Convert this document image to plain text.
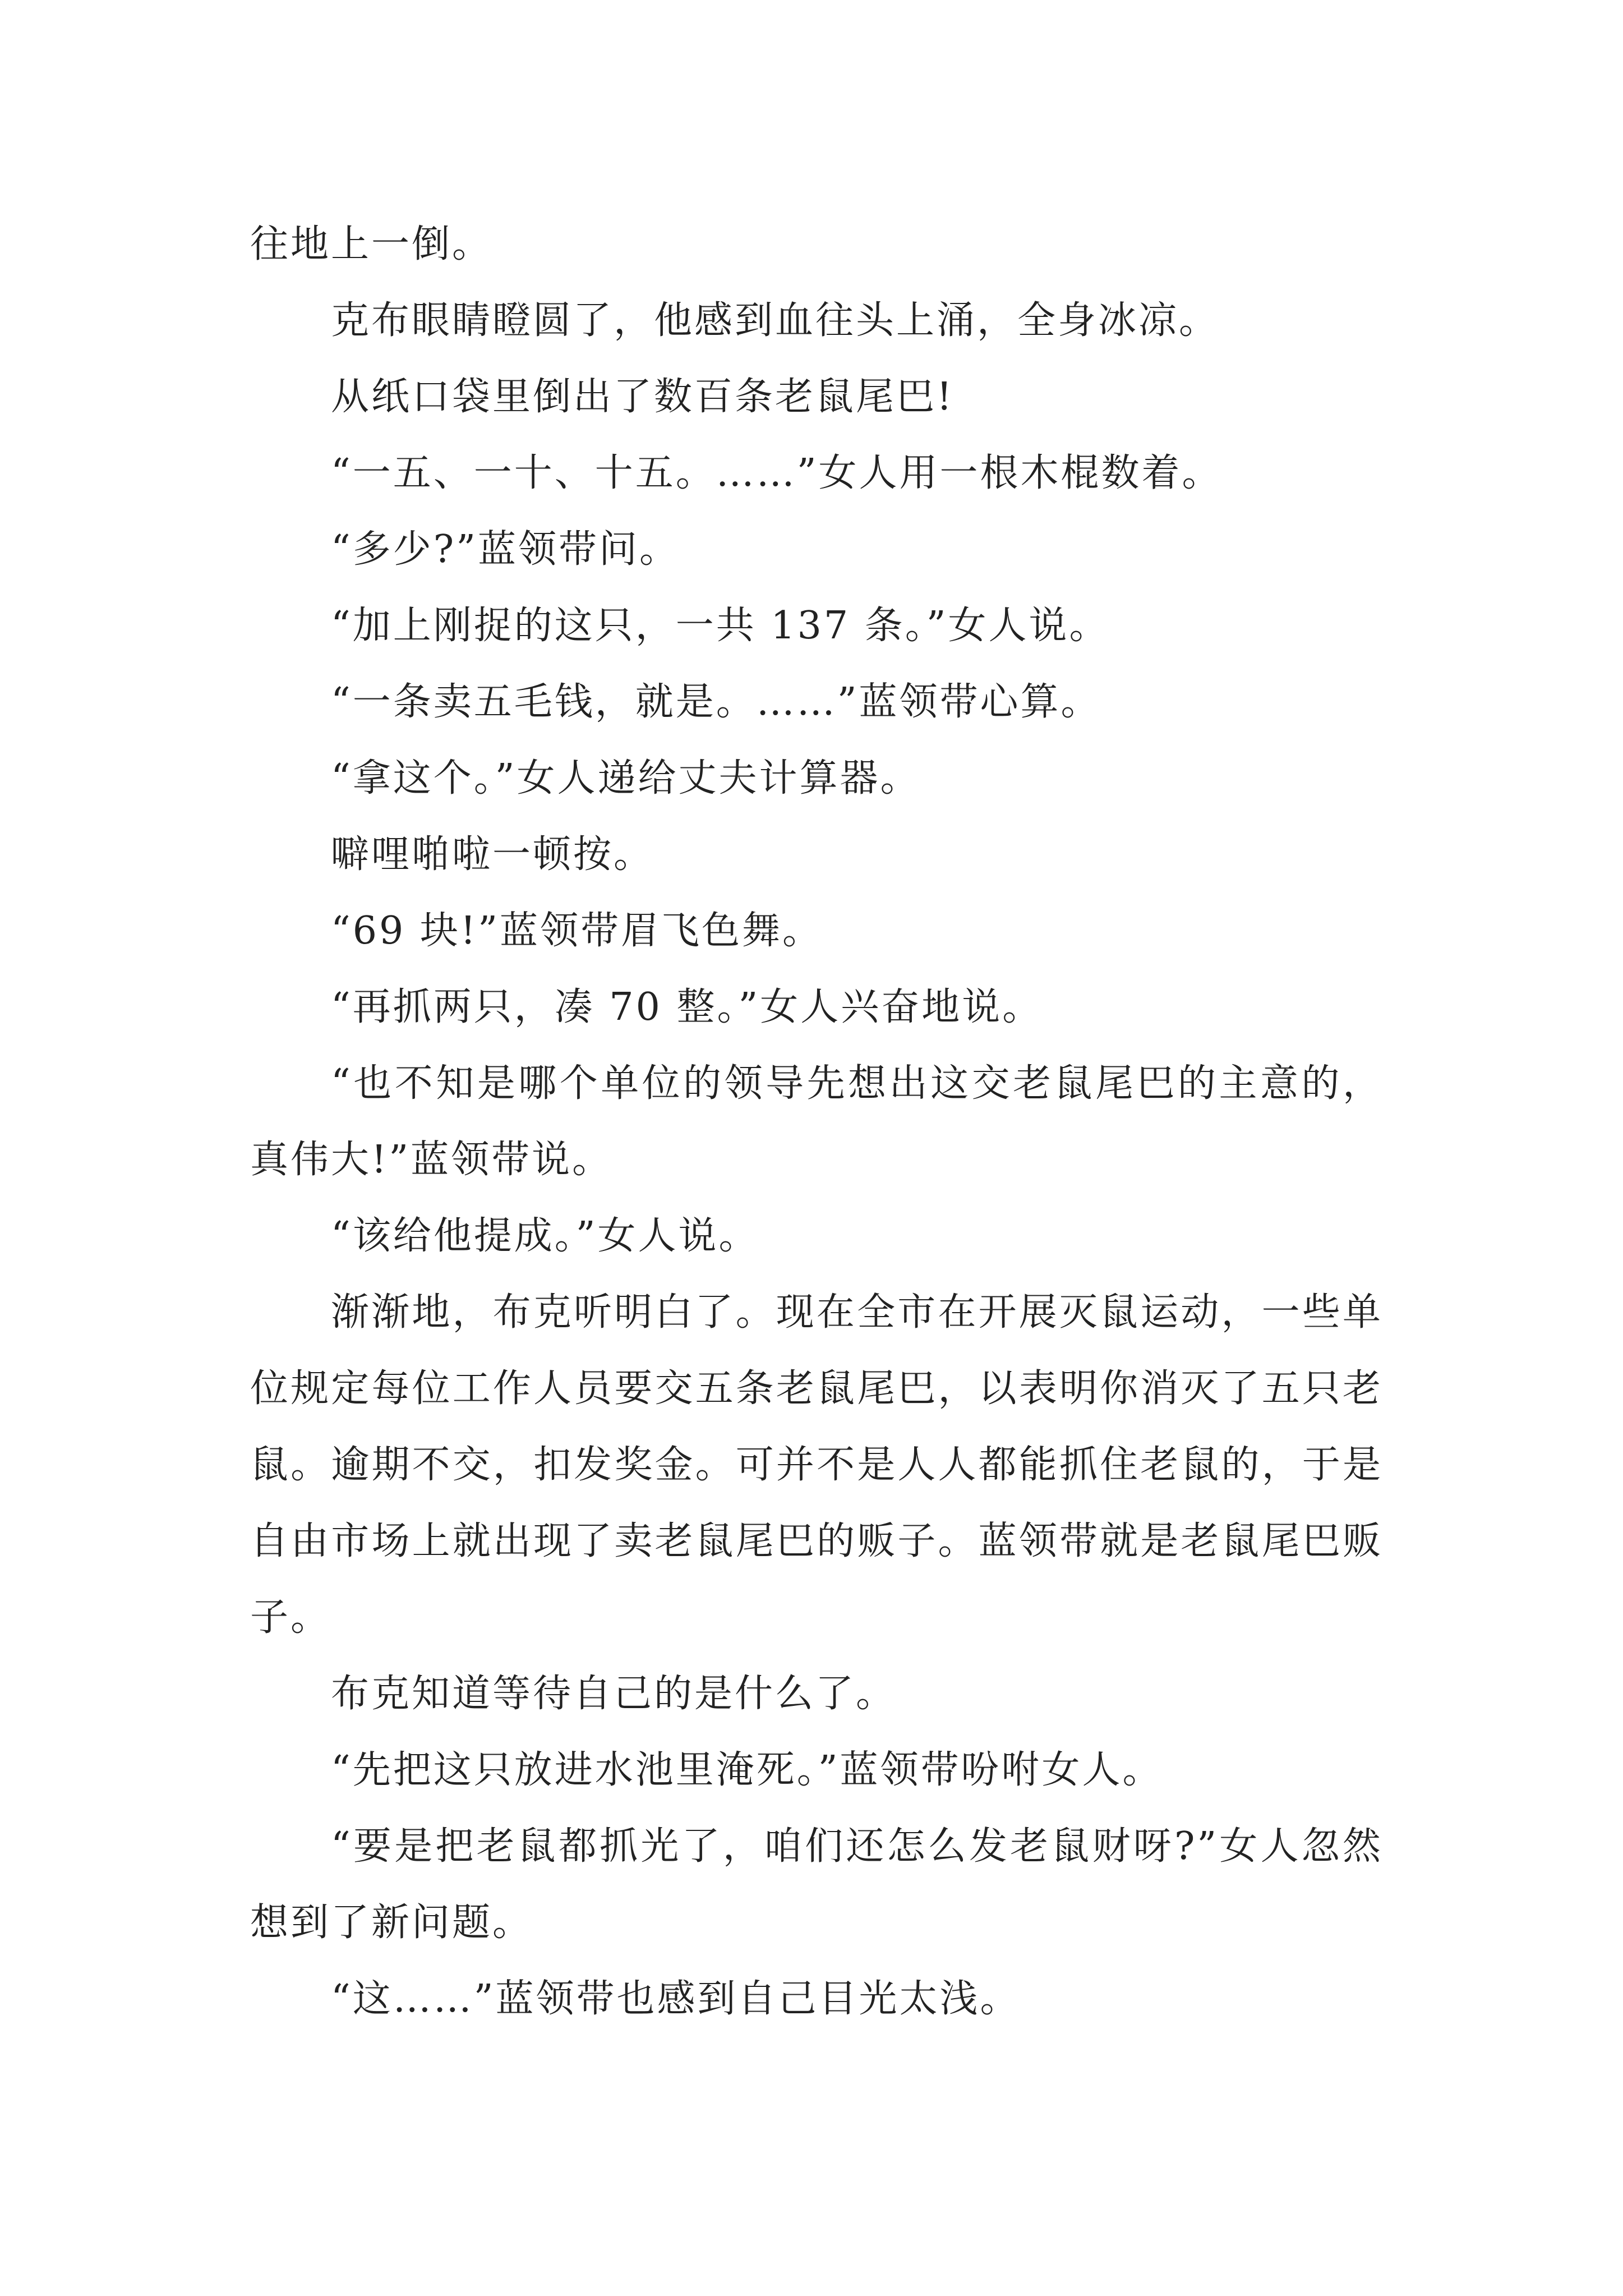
往地上一倒。

克布眼睛瞪圆了，他感到血往头上涌，全身冰凉。

从纸口袋里倒出了数百条老鼠尾巴!

“一五、一十、十五。……”女人用一根木棍数着。

“多少?”蓝领带问。

“加上刚捉的这只，一共 137 条。”女人说。

“一条卖五毛钱，就是。……”蓝领带心算。

“拿这个。”女人递给丈夫计算器。

噼哩啪啦一顿按。

“69 块!”蓝领带眉飞色舞。

“再抓两只，凑 70 整。”女人兴奋地说。

“也不知是哪个单位的领导先想出这交老鼠尾巴的主意的，真伟大!”蓝领带说。

“该给他提成。”女人说。

渐渐地，布克听明白了。现在全市在开展灭鼠运动，一些单位规定每位工作人员要交五条老鼠尾巴，以表明你消灭了五只老鼠。逾期不交，扣发奖金。可并不是人人都能抓住老鼠的，于是自由市场上就出现了卖老鼠尾巴的贩子。蓝领带就是老鼠尾巴贩子。

布克知道等待自己的是什么了。

“先把这只放进水池里淹死。”蓝领带吩咐女人。

“要是把老鼠都抓光了，咱们还怎么发老鼠财呀?”女人忽然想到了新问题。

“这……”蓝领带也感到自己目光太浅。
